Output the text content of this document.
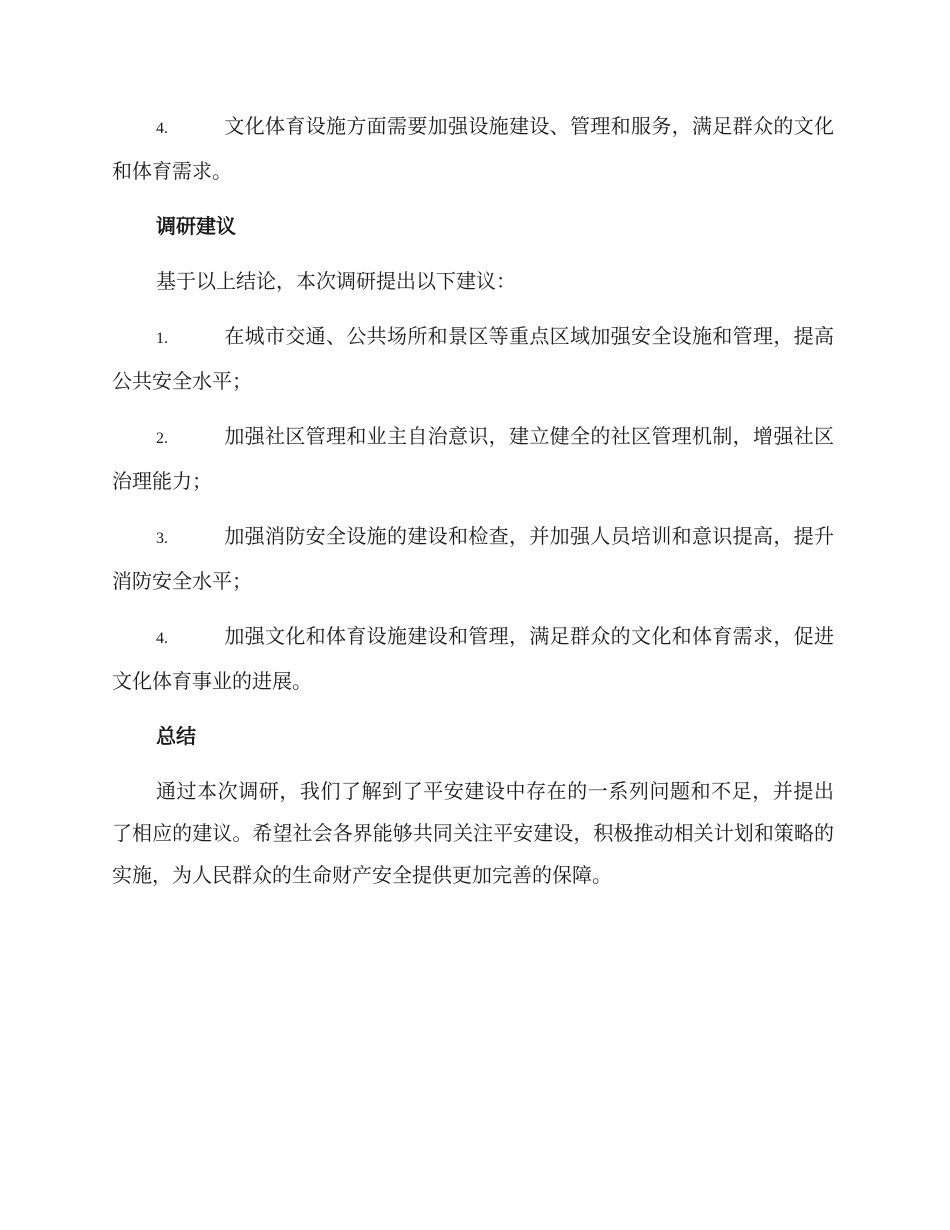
4.	文化体育设施方面需要加强设施建设、管理和服务，满足群众的文化和体育需求。

调研建议

基于以上结论，本次调研提出以下建议：

1.	在城市交通、公共场所和景区等重点区域加强安全设施和管理，提高公共安全水平；

2.	加强社区管理和业主自治意识，建立健全的社区管理机制，增强社区治理能力；

3.	加强消防安全设施的建设和检查，并加强人员培训和意识提高，提升消防安全水平；

4.	加强文化和体育设施建设和管理，满足群众的文化和体育需求，促进文化体育事业的进展。

总结

通过本次调研，我们了解到了平安建设中存在的一系列问题和不足，并提出了相应的建议。希望社会各界能够共同关注平安建设，积极推动相关计划和策略的实施，为人民群众的生命财产安全提供更加完善的保障。
